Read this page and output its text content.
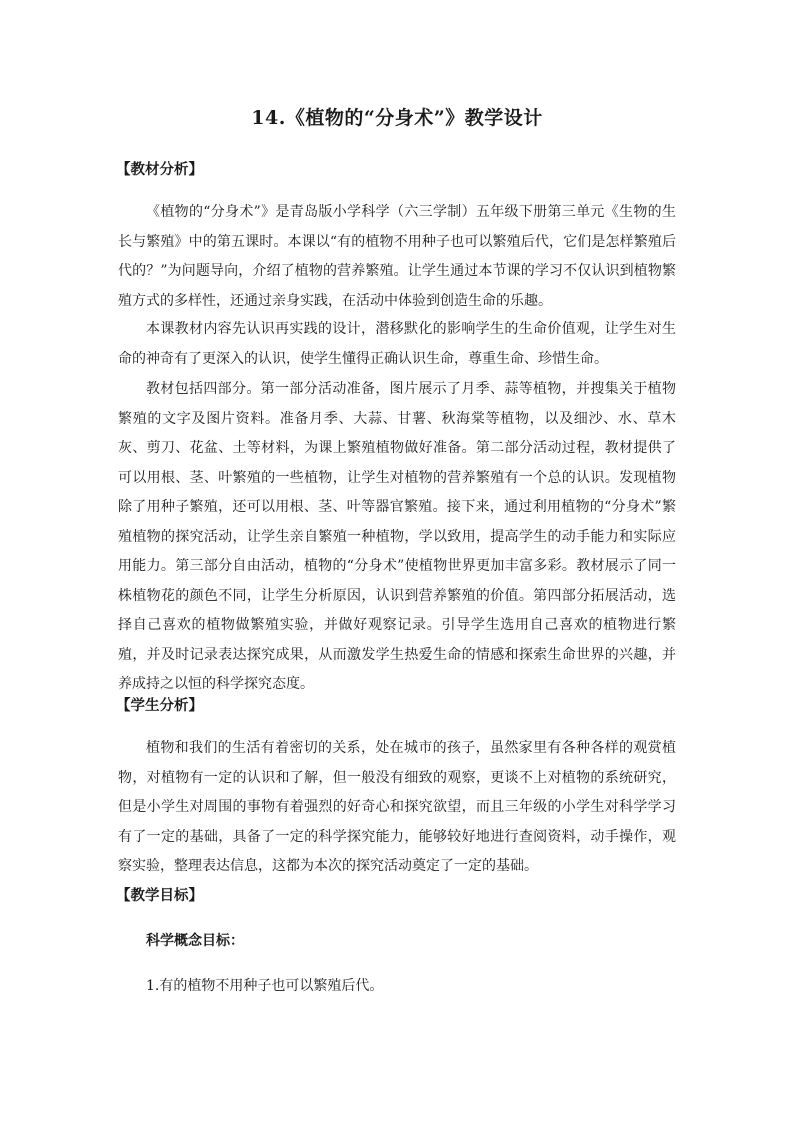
14.《植物的“分身术”》教学设计
【教材分析】

《植物的“分身术”》是青岛版小学科学（六三学制）五年级下册第三单元《生物的生长与繁殖》中的第五课时。本课以“有的植物不用种子也可以繁殖后代，它们是怎样繁殖后代的？”为问题导向，介绍了植物的营养繁殖。让学生通过本节课的学习不仅认识到植物繁殖方式的多样性，还通过亲身实践，在活动中体验到创造生命的乐趣。

本课教材内容先认识再实践的设计，潜移默化的影响学生的生命价值观，让学生对生命的神奇有了更深入的认识，使学生懂得正确认识生命，尊重生命、珍惜生命。

教材包括四部分。第一部分活动准备，图片展示了月季、蒜等植物，并搜集关于植物繁殖的文字及图片资料。准备月季、大蒜、甘薯、秋海棠等植物，以及细沙、水、草木灰、剪刀、花盆、土等材料，为课上繁殖植物做好准备。第二部分活动过程，教材提供了可以用根、茎、叶繁殖的一些植物，让学生对植物的营养繁殖有一个总的认识。发现植物除了用种子繁殖，还可以用根、茎、叶等器官繁殖。接下来，通过利用植物的“分身术”繁殖植物的探究活动，让学生亲自繁殖一种植物，学以致用，提高学生的动手能力和实际应用能力。第三部分自由活动，植物的“分身术”使植物世界更加丰富多彩。教材展示了同一株植物花的颜色不同，让学生分析原因，认识到营养繁殖的价值。第四部分拓展活动，选择自己喜欢的植物做繁殖实验，并做好观察记录。引导学生选用自己喜欢的植物进行繁殖，并及时记录表达探究成果，从而激发学生热爱生命的情感和探索生命世界的兴趣，并养成持之以恒的科学探究态度。

【学生分析】

植物和我们的生活有着密切的关系，处在城市的孩子，虽然家里有各种各样的观赏植物，对植物有一定的认识和了解，但一般没有细致的观察，更谈不上对植物的系统研究，但是小学生对周围的事物有着强烈的好奇心和探究欲望，而且三年级的小学生对科学学习有了一定的基础，具备了一定的科学探究能力，能够较好地进行查阅资料，动手操作，观察实验，整理表达信息，这都为本次的探究活动奠定了一定的基础。

【教学目标】
科学概念目标：
1.有的植物不用种子也可以繁殖后代。
